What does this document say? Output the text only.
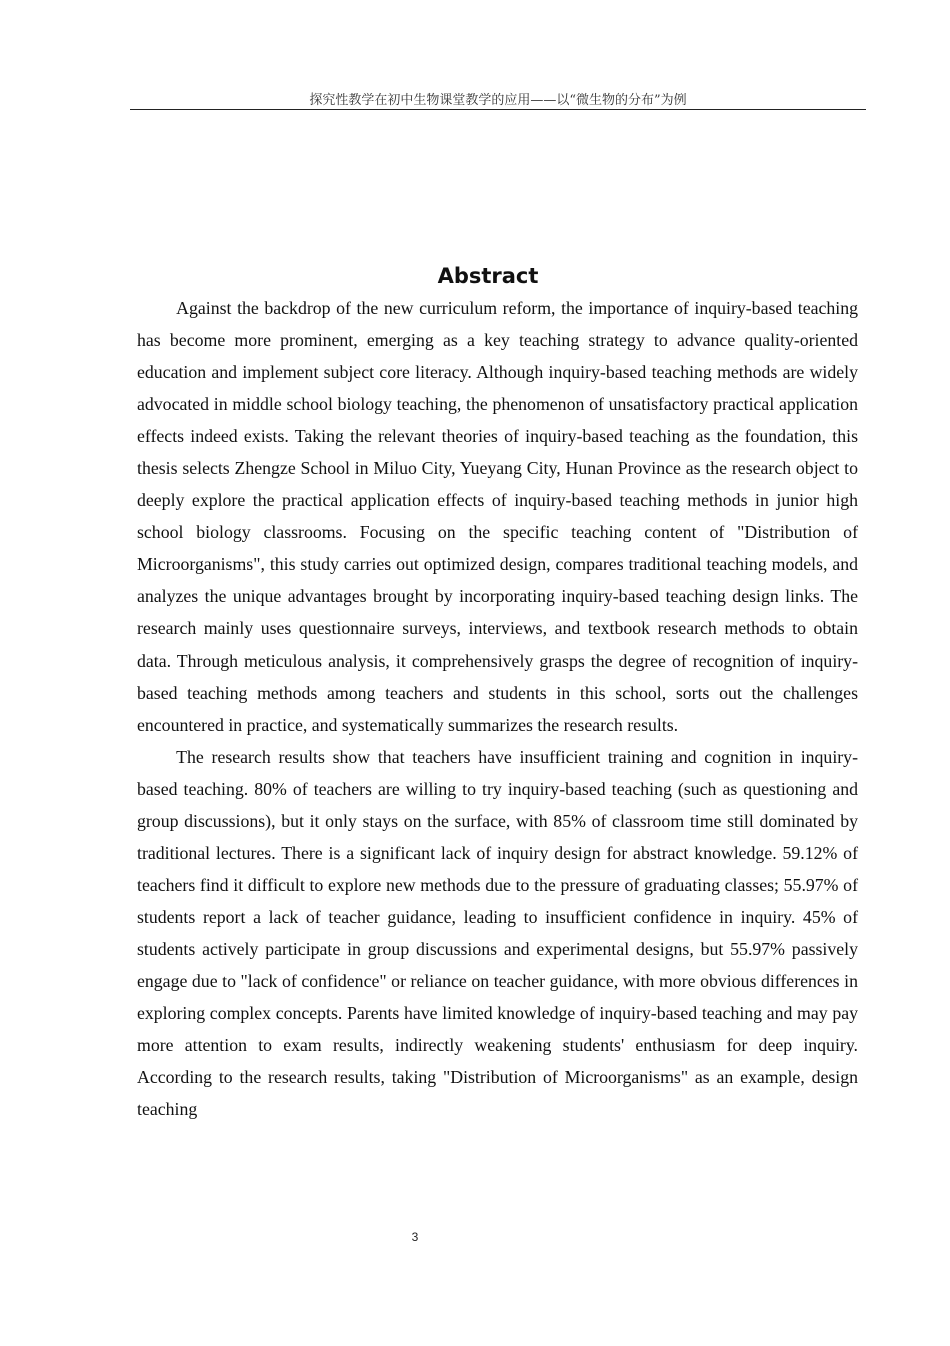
探究性教学在初中生物课堂教学的应用——以“微生物的分布”为例
Abstract

Against the backdrop of the new curriculum reform, the importance of inquiry-based teaching has become more prominent, emerging as a key teaching strategy to advance quality-oriented education and implement subject core literacy. Although inquiry-based teaching methods are widely advocated in middle school biology teaching, the phenomenon of unsatisfactory practical application effects indeed exists. Taking the relevant theories of inquiry-based teaching as the foundation, this thesis selects Zhengze School in Miluo City, Yueyang City, Hunan Province as the research object to deeply explore the practical application effects of inquiry-based teaching methods in junior high school biology classrooms. Focusing on the specific teaching content of "Distribution of Microorganisms", this study carries out optimized design, compares traditional teaching models, and analyzes the unique advantages brought by incorporating inquiry-based teaching design links. The research mainly uses questionnaire surveys, interviews, and textbook research methods to obtain data. Through meticulous analysis, it comprehensively grasps the degree of recognition of inquiry-based teaching methods among teachers and students in this school, sorts out the challenges encountered in practice, and systematically summarizes the research results.

The research results show that teachers have insufficient training and cognition in inquiry-based teaching. 80% of teachers are willing to try inquiry-based teaching (such as questioning and group discussions), but it only stays on the surface, with 85% of classroom time still dominated by traditional lectures. There is a significant lack of inquiry design for abstract knowledge. 59.12% of teachers find it difficult to explore new methods due to the pressure of graduating classes; 55.97% of students report a lack of teacher guidance, leading to insufficient confidence in inquiry. 45% of students actively participate in group discussions and experimental designs, but 55.97% passively engage due to "lack of confidence" or reliance on teacher guidance, with more obvious differences in exploring complex concepts. Parents have limited knowledge of inquiry-based teaching and may pay more attention to exam results, indirectly weakening students' enthusiasm for deep inquiry. According to the research results, taking "Distribution of Microorganisms" as an example, design teaching

3
